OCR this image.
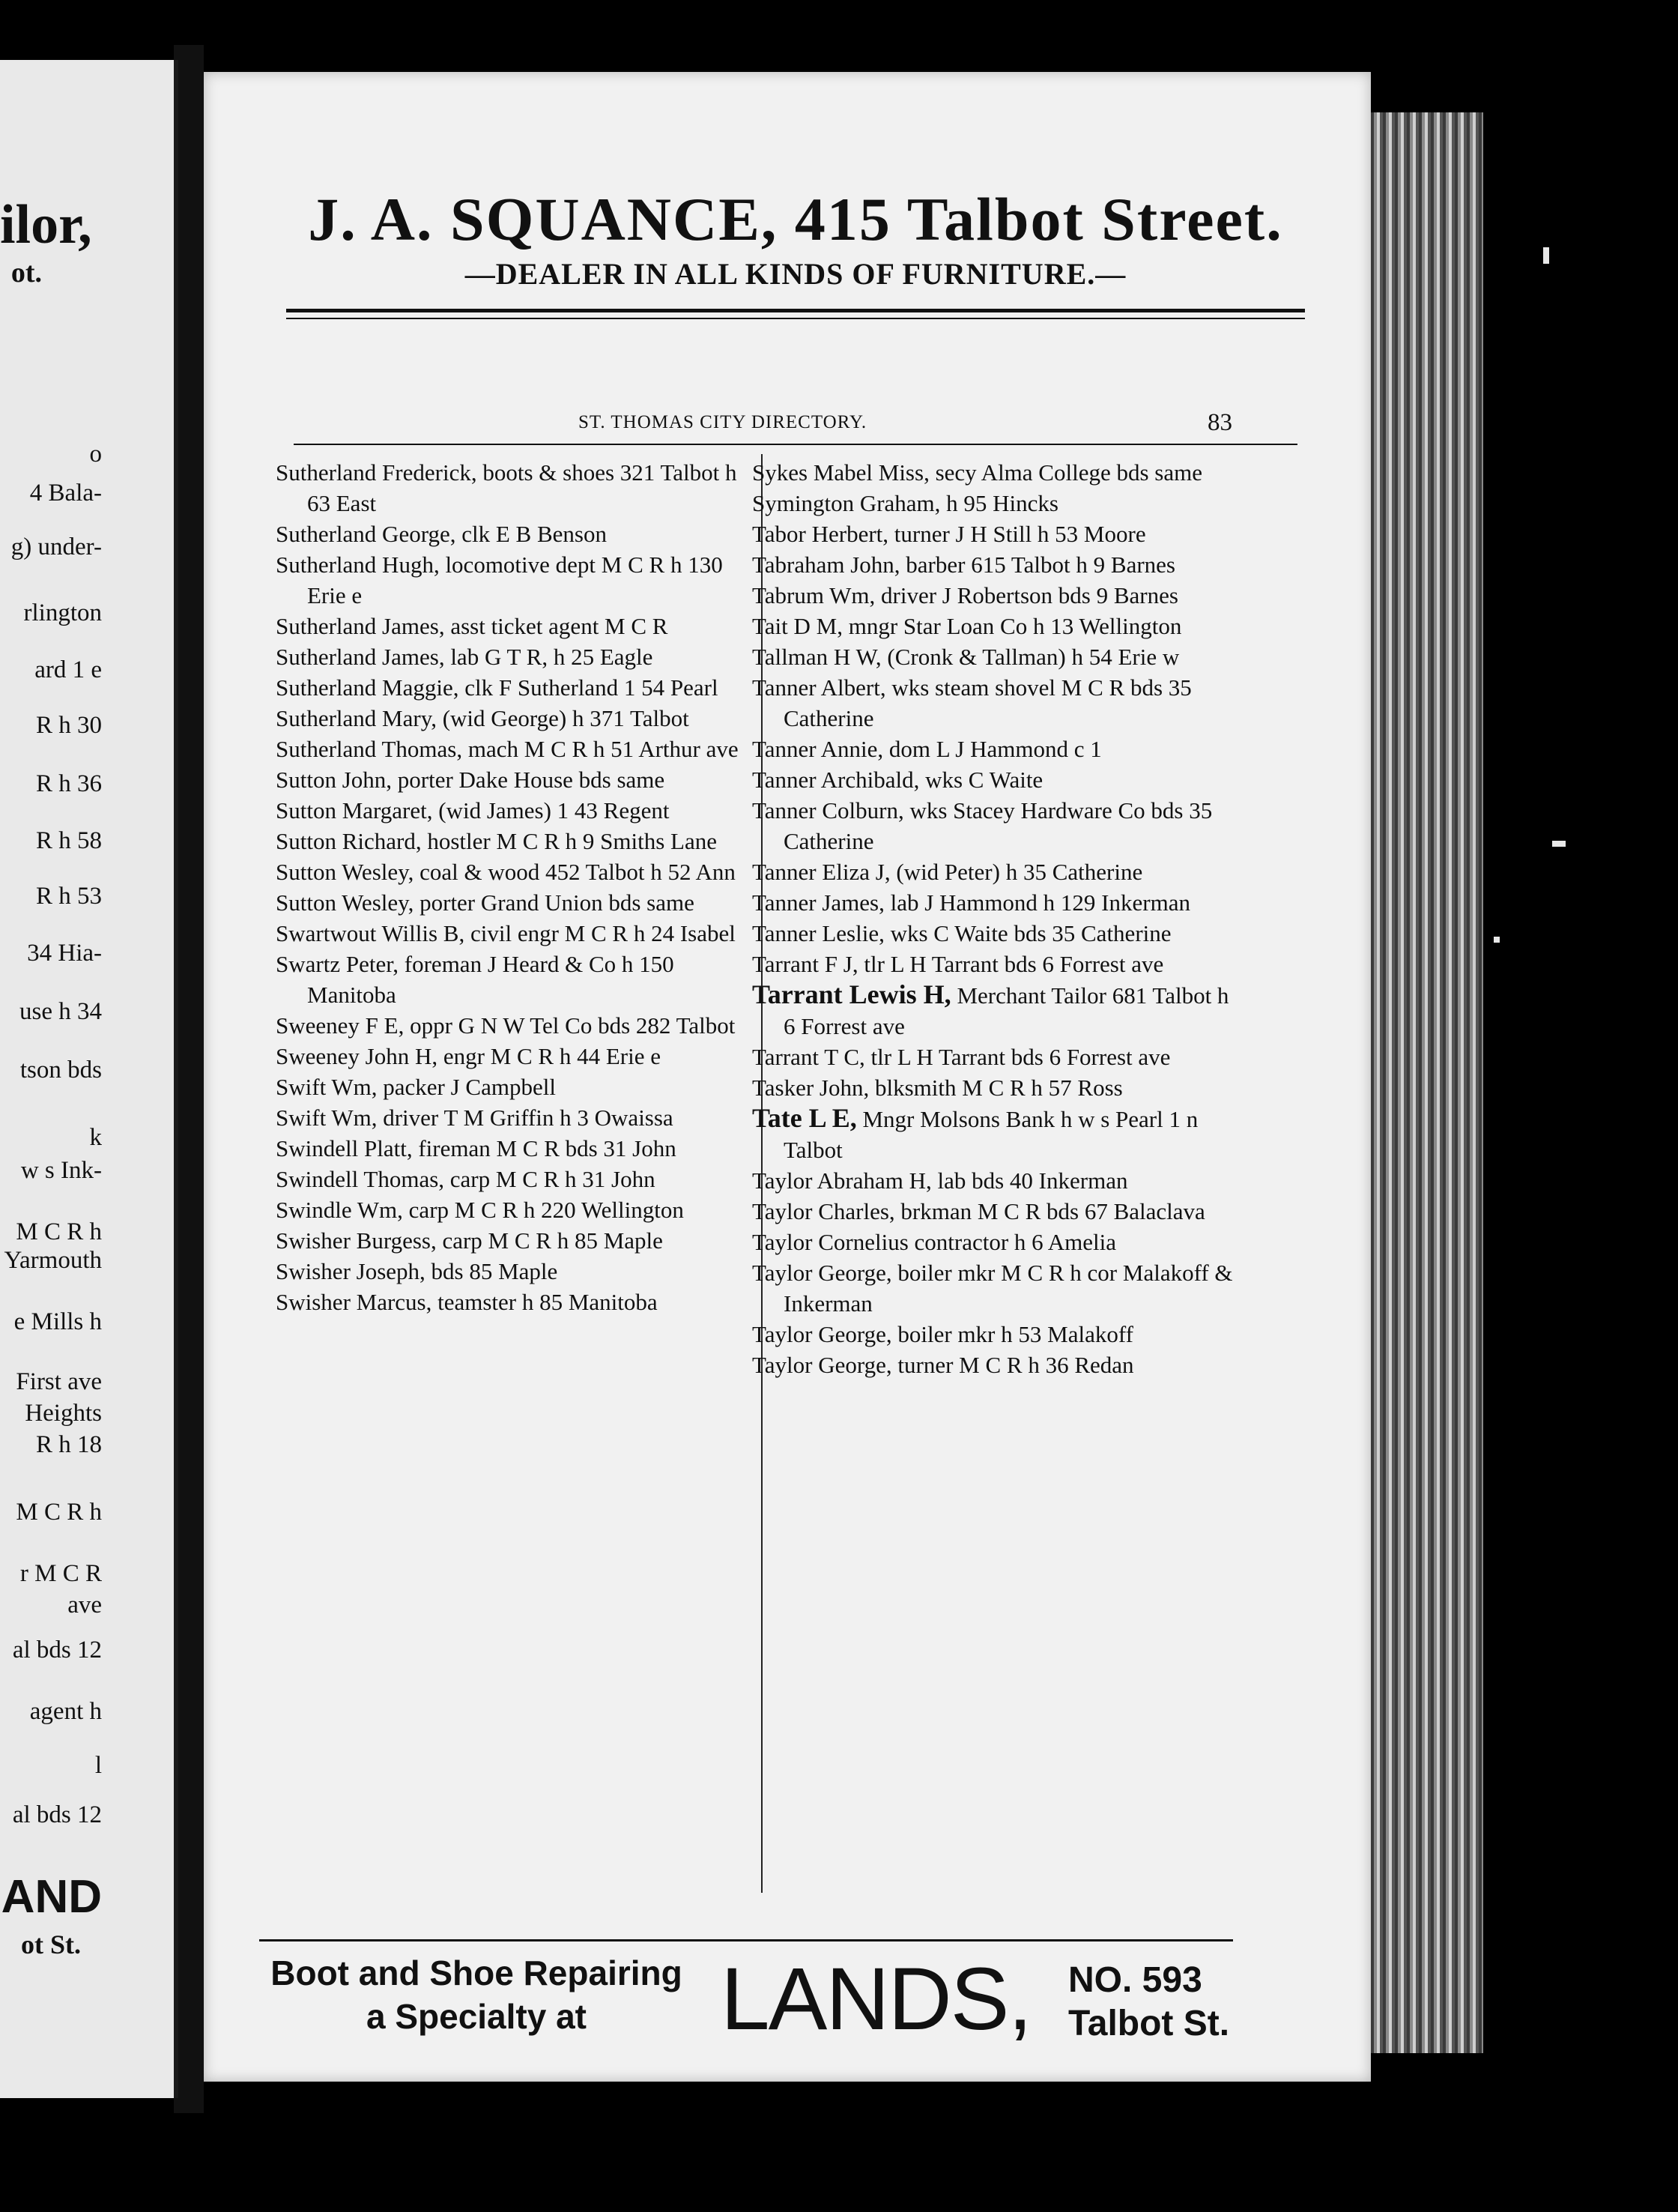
ilor,
ot.
o
4 Bala-
g) under-
rlington
ard 1 e
R h 30
R h 36
R h 58
R h 53
34 Hia-
use h 34
tson bds
k
w s Ink-
M C R h
Yarmouth
e Mills h
First ave
Heights
R h 18
M C R h
r M C R
ave
al bds 12
agent h
l
al bds 12
AND
ot St.
J. A. SQUANCE, 415 Talbot Street.
—DEALER IN ALL KINDS OF FURNITURE.—
ST. THOMAS CITY DIRECTORY.	83

Sutherland Frederick, boots & shoes 321 Talbot h 63 East

Sutherland George, clk E B Benson

Sutherland Hugh, locomotive dept M C R h 130 Erie e

Sutherland James, asst ticket agent M C R

Sutherland James, lab G T R, h 25 Eagle

Sutherland Maggie, clk F Sutherland 1 54 Pearl

Sutherland Mary, (wid George) h 371 Talbot

Sutherland Thomas, mach M C R h 51 Arthur ave

Sutton John, porter Dake House bds same

Sutton Margaret, (wid James) 1 43 Regent

Sutton Richard, hostler M C R h 9 Smiths Lane

Sutton Wesley, coal & wood 452 Talbot h 52 Ann

Sutton Wesley, porter Grand Union bds same

Swartwout Willis B, civil engr M C R h 24 Isabel

Swartz Peter, foreman J Heard & Co h 150 Manitoba

Sweeney F E, oppr G N W Tel Co bds 282 Talbot

Sweeney John H, engr M C R h 44 Erie e

Swift Wm, packer J Campbell

Swift Wm, driver T M Griffin h 3 Owaissa

Swindell Platt, fireman M C R bds 31 John

Swindell Thomas, carp M C R h 31 John

Swindle Wm, carp M C R h 220 Wellington

Swisher Burgess, carp M C R h 85 Maple

Swisher Joseph, bds 85 Maple

Swisher Marcus, teamster h 85 Manitoba

Sykes Mabel Miss, secy Alma College bds same

Symington Graham, h 95 Hincks

Tabor Herbert, turner J H Still h 53 Moore

Tabraham John, barber 615 Talbot h 9 Barnes

Tabrum Wm, driver J Robertson bds 9 Barnes

Tait D M, mngr Star Loan Co h 13 Wellington

Tallman H W, (Cronk & Tallman) h 54 Erie w

Tanner Albert, wks steam shovel M C R bds 35 Catherine

Tanner Annie, dom L J Hammond c 1

Tanner Archibald, wks C Waite

Tanner Colburn, wks Stacey Hardware Co bds 35 Catherine

Tanner Eliza J, (wid Peter) h 35 Catherine

Tanner James, lab J Hammond h 129 Inkerman

Tanner Leslie, wks C Waite bds 35 Catherine

Tarrant F J, tlr L H Tarrant bds 6 Forrest ave

Tarrant Lewis H, Merchant Tailor 681 Talbot h 6 Forrest ave

Tarrant T C, tlr L H Tarrant bds 6 Forrest ave

Tasker John, blksmith M C R h 57 Ross

Tate L E, Mngr Molsons Bank h w s Pearl 1 n Talbot

Taylor Abraham H, lab bds 40 Inkerman

Taylor Charles, brkman M C R bds 67 Balaclava

Taylor Cornelius contractor h 6 Amelia

Taylor George, boiler mkr M C R h cor Malakoff & Inkerman

Taylor George, boiler mkr h 53 Malakoff

Taylor George, turner M C R h 36 Redan

Boot and Shoe Repairing
a Specialty at	LANDS, NO. 593
Talbot St.
